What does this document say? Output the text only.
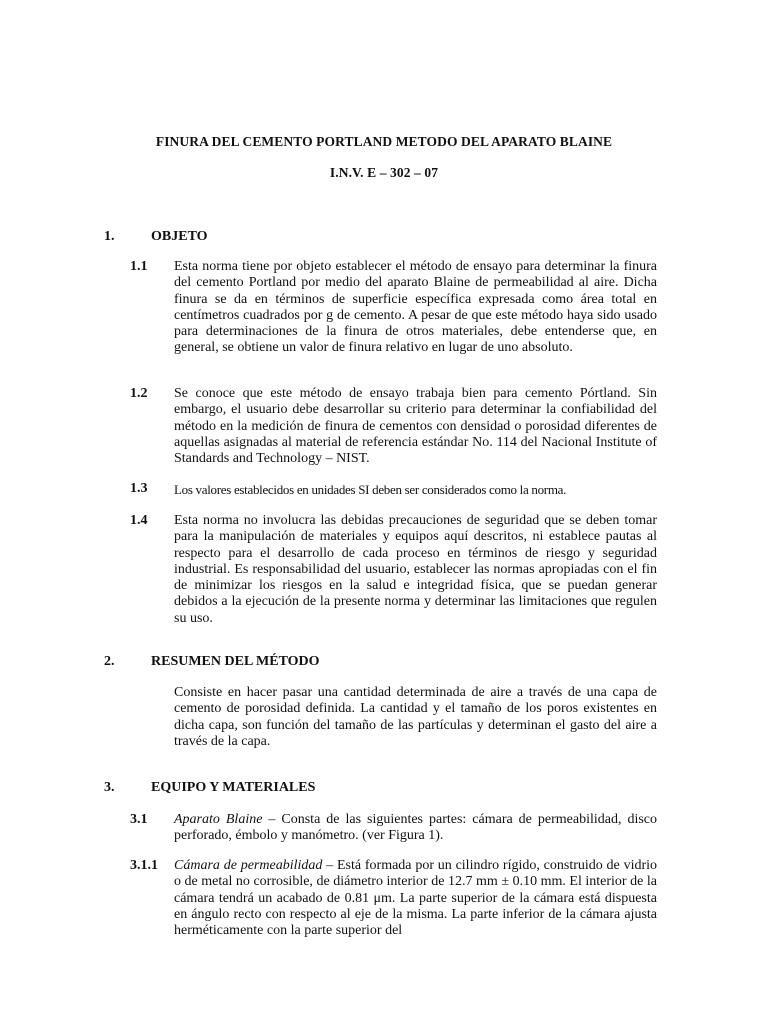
FINURA DEL CEMENTO PORTLAND METODO DEL APARATO BLAINE
I.N.V. E – 302 – 07
1.	OBJETO
1.1 Esta norma tiene por objeto establecer el método de ensayo para determinar la finura del cemento Portland por medio del aparato Blaine de permeabilidad al aire. Dicha finura se da en términos de superficie específica expresada como área total en centímetros cuadrados por g de cemento. A pesar de que este método haya sido usado para determinaciones de la finura de otros materiales, debe entenderse que, en general, se obtiene un valor de finura relativo en lugar de uno absoluto.
1.2 Se conoce que este método de ensayo trabaja bien para cemento Pórtland. Sin embargo, el usuario debe desarrollar su criterio para determinar la confiabilidad del método en la medición de finura de cementos con densidad o porosidad diferentes de aquellas asignadas al material de referencia estándar No. 114 del Nacional Institute of Standards and Technology – NIST.
1.3 Los valores establecidos en unidades SI deben ser considerados como la norma.
1.4 Esta norma no involucra las debidas precauciones de seguridad que se deben tomar para la manipulación de materiales y equipos aquí descritos, ni establece pautas al respecto para el desarrollo de cada proceso en términos de riesgo y seguridad industrial. Es responsabilidad del usuario, establecer las normas apropiadas con el fin de minimizar los riesgos en la salud e integridad física, que se puedan generar debidos a la ejecución de la presente norma y determinar las limitaciones que regulen su uso.
2.	RESUMEN DEL MÉTODO
Consiste en hacer pasar una cantidad determinada de aire a través de una capa de cemento de porosidad definida. La cantidad y el tamaño de los poros existentes en dicha capa, son función del tamaño de las partículas y determinan el gasto del aire a través de la capa.
3.	EQUIPO Y MATERIALES
3.1 Aparato Blaine – Consta de las siguientes partes: cámara de permeabilidad, disco perforado, émbolo y manómetro. (ver Figura 1).
3.1.1 Cámara de permeabilidad – Está formada por un cilindro rígido, construido de vidrio o de metal no corrosible, de diámetro interior de 12.7 mm ± 0.10 mm. El interior de la cámara tendrá un acabado de 0.81 μm. La parte superior de la cámara está dispuesta en ángulo recto con respecto al eje de la misma. La parte inferior de la cámara ajusta herméticamente con la parte superior del
